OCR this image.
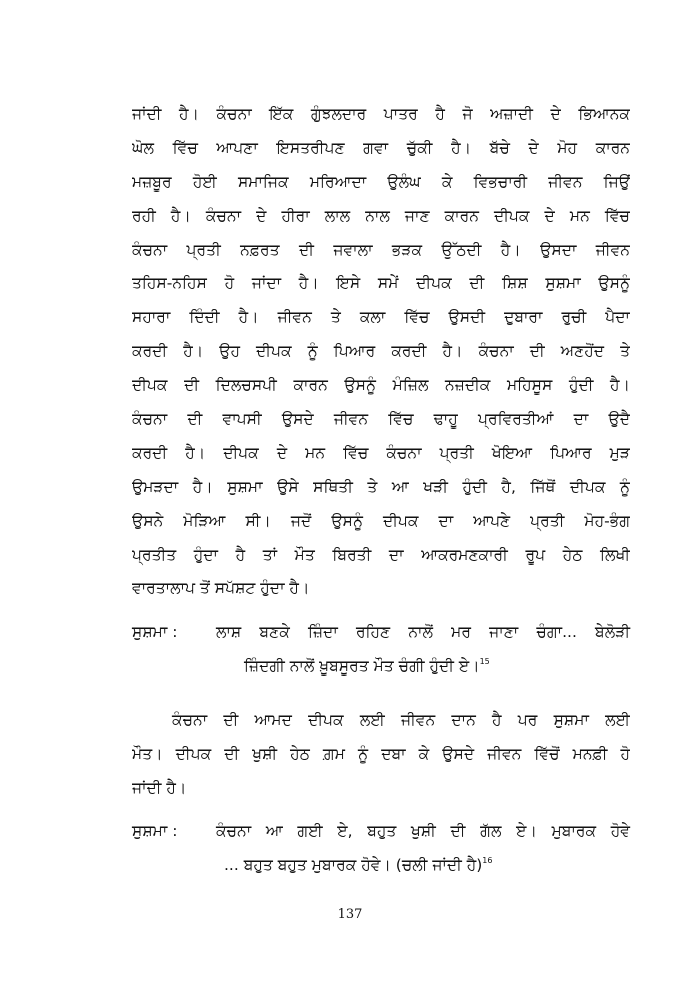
ਜਾਂਦੀ ਹੈ। ਕੰਚਨਾ ਇੱਕ ਗੁੰਝਲਦਾਰ ਪਾਤਰ ਹੈ ਜੋ ਅਜ਼ਾਦੀ ਦੇ ਭਿਆਨਕ
ਘੋਲ ਵਿੱਚ ਆਪਣਾ ਇਸਤਰੀਪਣ ਗਵਾ ਚੁੱਕੀ ਹੈ। ਬੱਚੇ ਦੇ ਮੋਹ ਕਾਰਨ
ਮਜ਼ਬੂਰ ਹੋਈ ਸਮਾਜਿਕ ਮਰਿਆਦਾ ਉਲੰਘ ਕੇ ਵਿਭਚਾਰੀ ਜੀਵਨ ਜਿਉਂ
ਰਹੀ ਹੈ। ਕੰਚਨਾ ਦੇ ਹੀਰਾ ਲਾਲ ਨਾਲ ਜਾਣ ਕਾਰਨ ਦੀਪਕ ਦੇ ਮਨ ਵਿੱਚ
ਕੰਚਨਾ ਪ੍ਰਤੀ ਨਫ਼ਰਤ ਦੀ ਜਵਾਲਾ ਭੜਕ ਉੱਠਦੀ ਹੈ। ਉਸਦਾ ਜੀਵਨ
ਤਹਿਸ-ਨਹਿਸ ਹੋ ਜਾਂਦਾ ਹੈ। ਇਸੇ ਸਮੇਂ ਦੀਪਕ ਦੀ ਸ਼ਿਸ਼ ਸੁਸ਼ਮਾ ਉਸਨੂੰ
ਸਹਾਰਾ ਦਿੰਦੀ ਹੈ। ਜੀਵਨ ਤੇ ਕਲਾ ਵਿੱਚ ਉਸਦੀ ਦੁਬਾਰਾ ਰੁਚੀ ਪੈਦਾ
ਕਰਦੀ ਹੈ। ਉਹ ਦੀਪਕ ਨੂੰ ਪਿਆਰ ਕਰਦੀ ਹੈ। ਕੰਚਨਾ ਦੀ ਅਣਹੋਂਦ ਤੇ
ਦੀਪਕ ਦੀ ਦਿਲਚਸਪੀ ਕਾਰਨ ਉਸਨੂੰ ਮੰਜ਼ਿਲ ਨਜ਼ਦੀਕ ਮਹਿਸੂਸ ਹੁੰਦੀ ਹੈ।
ਕੰਚਨਾ ਦੀ ਵਾਪਸੀ ਉਸਦੇ ਜੀਵਨ ਵਿੱਚ ਢਾਹੂ ਪ੍ਰਵਿਰਤੀਆਂ ਦਾ ਉਦੈ
ਕਰਦੀ ਹੈ। ਦੀਪਕ ਦੇ ਮਨ ਵਿੱਚ ਕੰਚਨਾ ਪ੍ਰਤੀ ਖੋਇਆ ਪਿਆਰ ਮੁੜ
ਉਮੜਦਾ ਹੈ। ਸੁਸ਼ਮਾ ਉਸੇ ਸਥਿਤੀ ਤੇ ਆ ਖੜੀ ਹੁੰਦੀ ਹੈ, ਜਿੱਥੋਂ ਦੀਪਕ ਨੂੰ
ਉਸਨੇ ਮੋੜਿਆ ਸੀ। ਜਦੋਂ ਉਸਨੂੰ ਦੀਪਕ ਦਾ ਆਪਣੇ ਪ੍ਰਤੀ ਮੋਹ-ਭੰਗ
ਪ੍ਰਤੀਤ ਹੁੰਦਾ ਹੈ ਤਾਂ ਮੌਤ ਬਿਰਤੀ ਦਾ ਆਕਰਮਣਕਾਰੀ ਰੂਪ ਹੇਠ ਲਿਖੀ
ਵਾਰਤਾਲਾਪ ਤੋਂ ਸਪੱਸ਼ਟ ਹੁੰਦਾ ਹੈ।
ਸੁਸ਼ਮਾ :	ਲਾਸ਼ ਬਣਕੇ ਜ਼ਿੰਦਾ ਰਹਿਣ ਨਾਲੋਂ ਮਰ ਜਾਣਾ ਚੰਗਾ... ਬੇਲੋੜੀ
ਜ਼ਿੰਦਗੀ ਨਾਲੋਂ ਖ਼ੂਬਸੂਰਤ ਮੌਤ ਚੰਗੀ ਹੁੰਦੀ ਏ।$^{15}$
ਕੰਚਨਾ ਦੀ ਆਮਦ ਦੀਪਕ ਲਈ ਜੀਵਨ ਦਾਨ ਹੈ ਪਰ ਸੁਸ਼ਮਾ ਲਈ
ਮੌਤ। ਦੀਪਕ ਦੀ ਖੁਸ਼ੀ ਹੇਠ ਗ਼ਮ ਨੂੰ ਦਬਾ ਕੇ ਉਸਦੇ ਜੀਵਨ ਵਿੱਚੋਂ ਮਨਫ਼ੀ ਹੋ
ਜਾਂਦੀ ਹੈ।
ਸੁਸ਼ਮਾ :	ਕੰਚਨਾ ਆ ਗਈ ਏ, ਬਹੁਤ ਖੁਸ਼ੀ ਦੀ ਗੱਲ ਏ। ਮੁਬਾਰਕ ਹੋਵੇ
... ਬਹੁਤ ਬਹੁਤ ਮੁਬਾਰਕ ਹੋਵੇ। (ਚਲੀ ਜਾਂਦੀ ਹੈ)$^{16}$
137
